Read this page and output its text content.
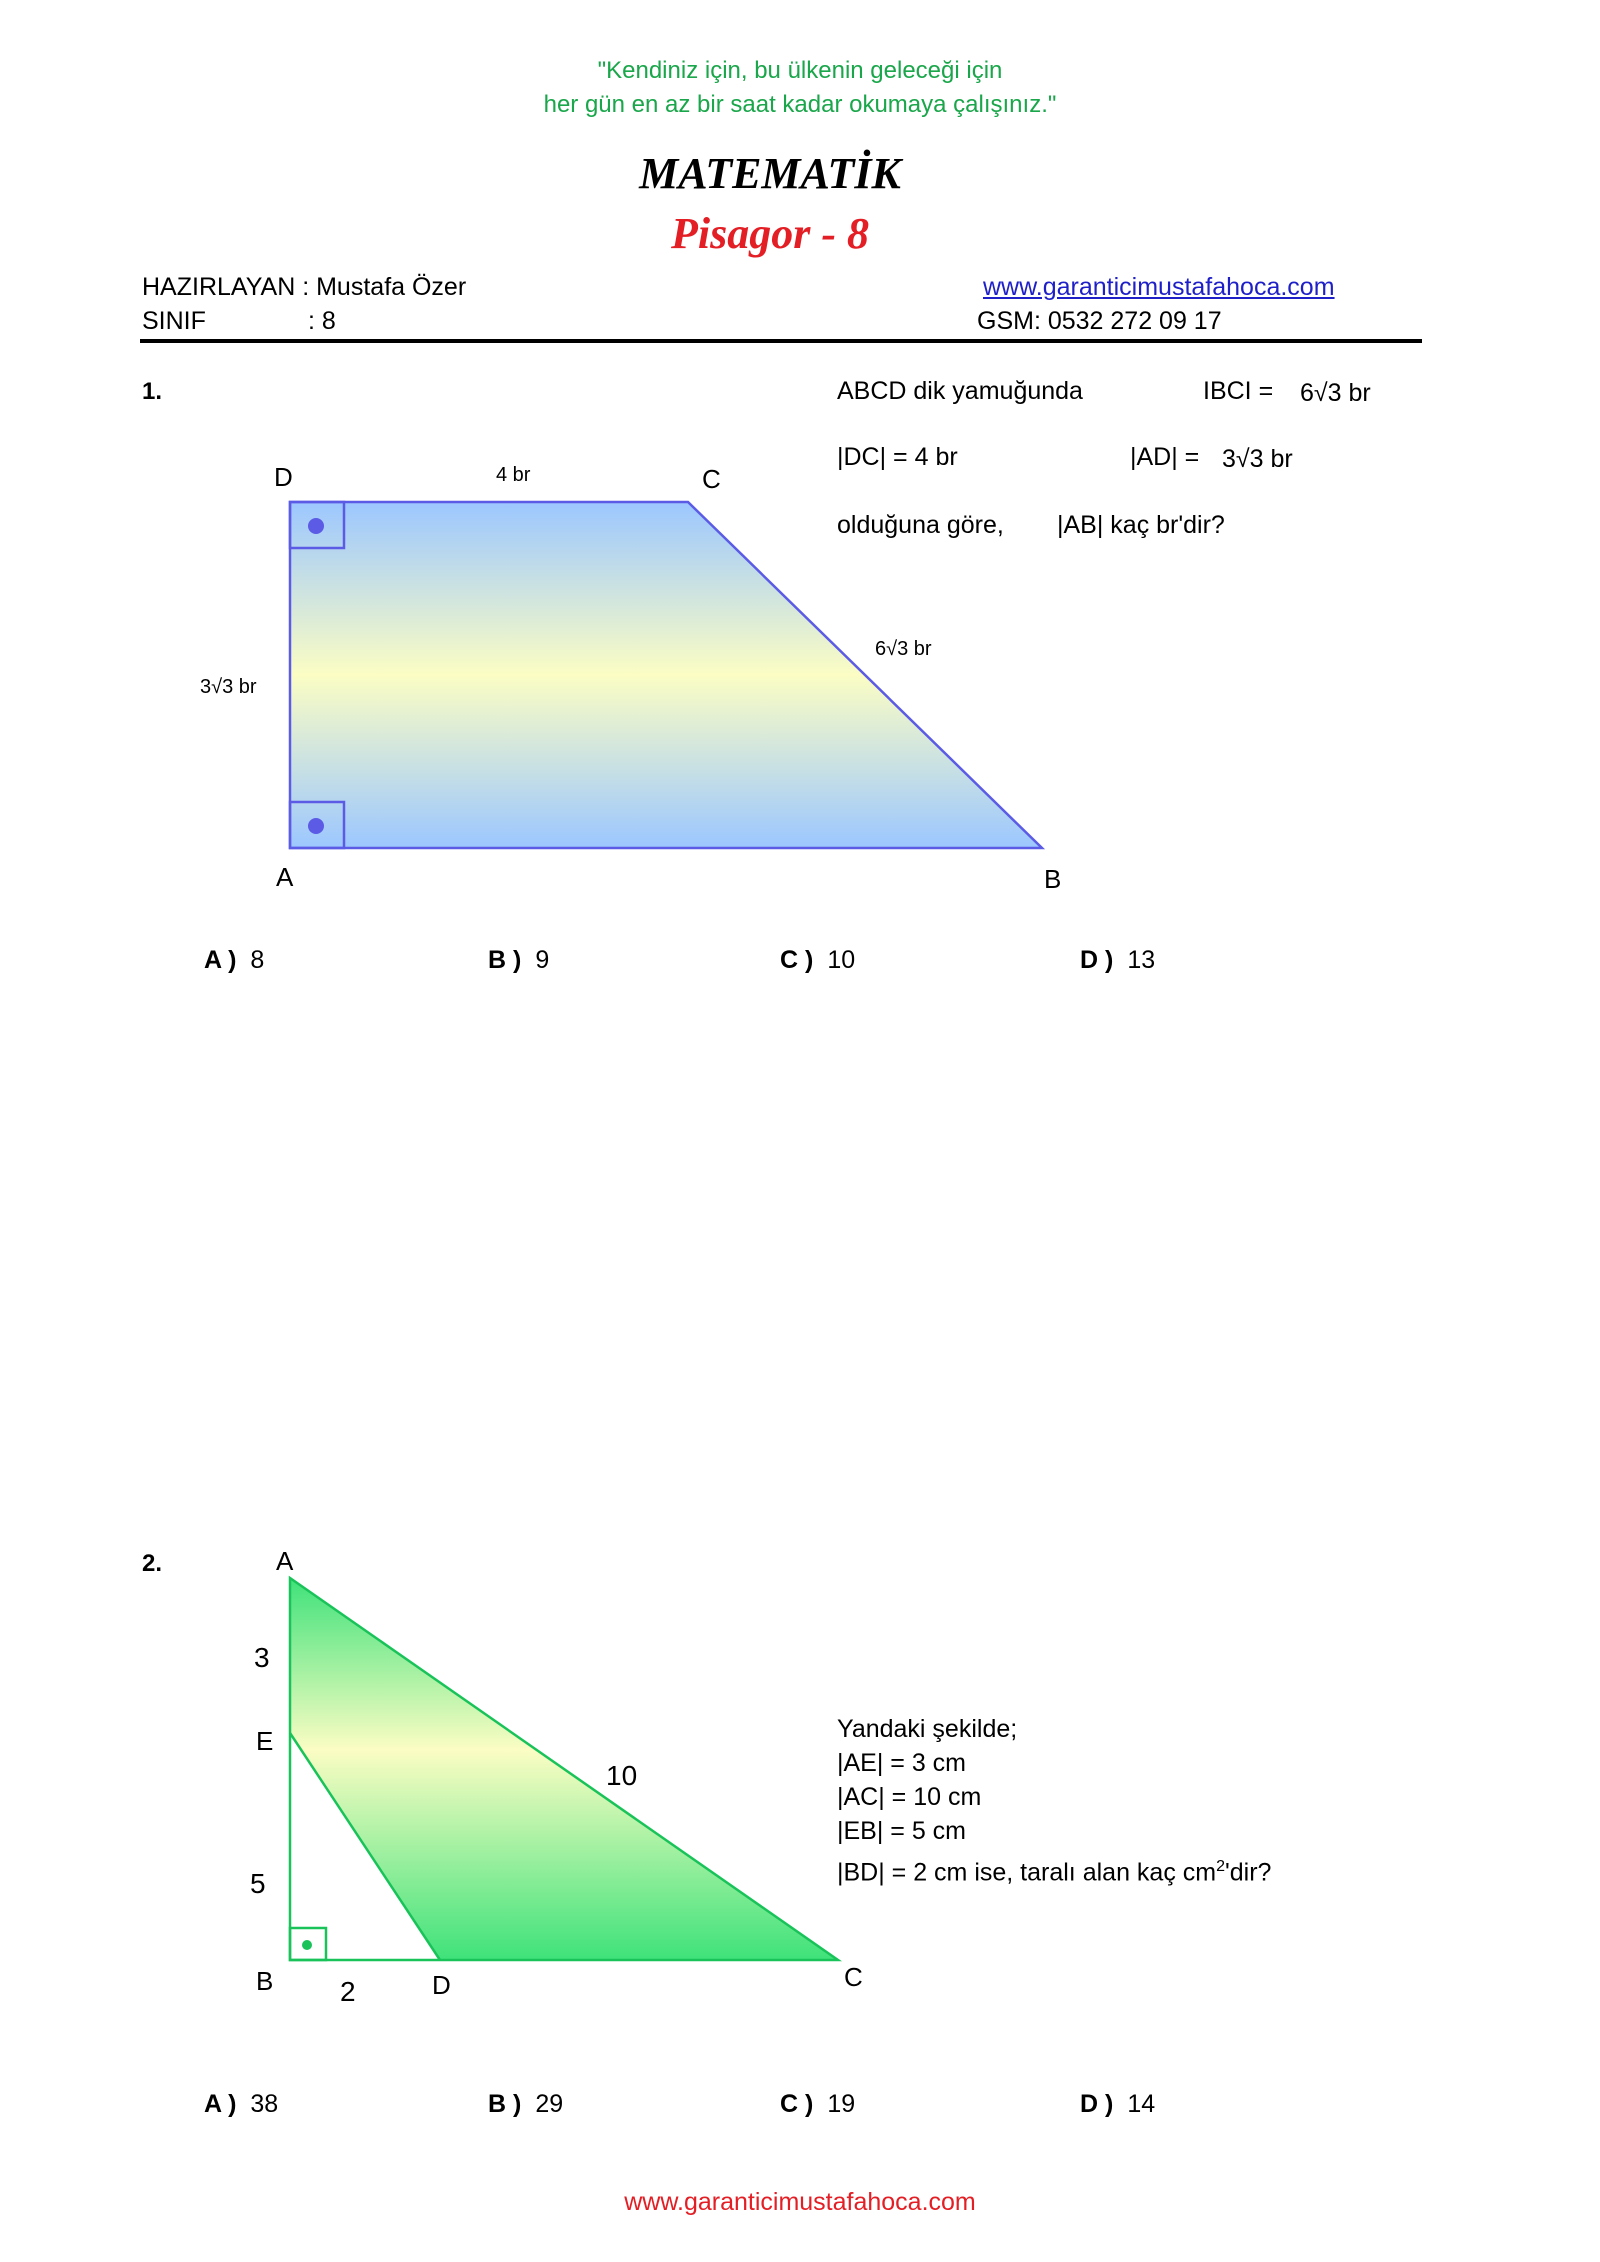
"Kendiniz için, bu ülkenin geleceği için
her gün en az bir saat kadar okumaya çalışınız."
MATEMATİK
Pisagor - 8
HAZIRLAYAN : Mustafa Özer
SINIF	: 8
www.garanticimustafahoca.com
GSM: 0532 272 09 17
1.	ABCD dik yamuğunda	IBCI = 6√3 br
|DC| = 4 br	|AD| = 3√3 br
olduğuna göre, |AB| kaç br'dir?
D	C
A	B
4 br
6√3 br
3√3 br
A ) 8	B ) 9	C ) 10	D ) 13
2.	A
E
B	D	C
3
5
2
10
Yandaki şekilde;
|AE| = 3 cm
|AC| = 10 cm
|EB| = 5 cm
|BD| = 2 cm ise, taralı alan kaç $cm^2'dir$?
A ) 38	B ) 29	C ) 19	D ) 14
www.garanticimustafahoca.com
